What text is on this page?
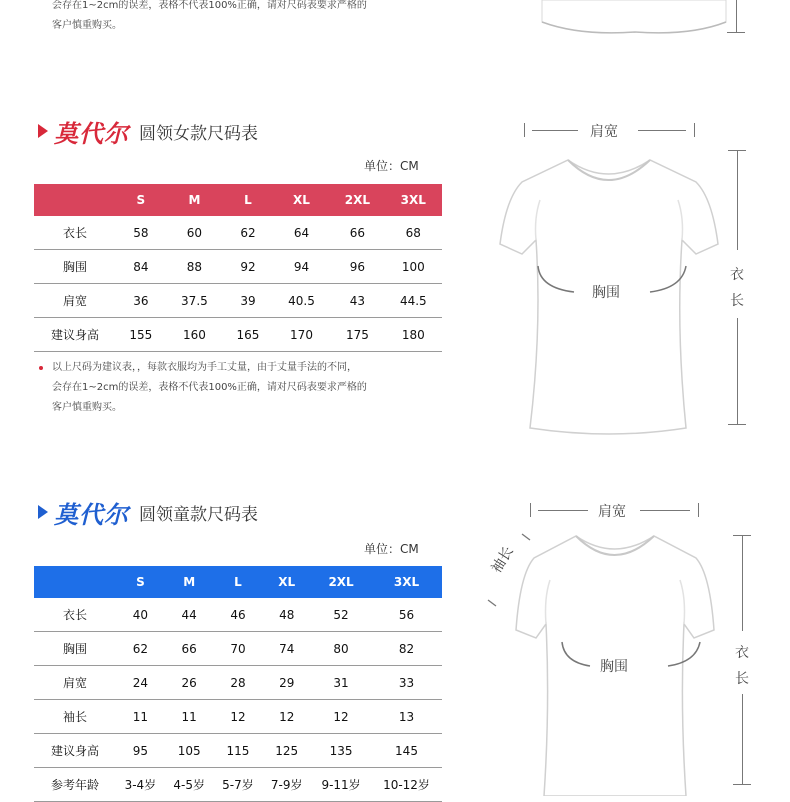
会存在1~2cm的误差，表格不代表100%正确，请对尺码表要求严格的
客户慎重购买。
莫代尔 圆领女款尺码表
单位：CM
	S	M	L	XL	2XL	3XL
衣长	58	60	62	64	66	68
胸围	84	88	92	94	96	100
肩宽	36	37.5	39	40.5	43	44.5
建议身高	155	160	165	170	175	180
以上尺码为建议表，，每款衣服均为手工丈量，由于丈量手法的不同，
会存在1~2cm的误差，表格不代表100%正确，请对尺码表要求严格的
客户慎重购买。
肩宽
胸围
衣
长
莫代尔 圆领童款尺码表
单位：CM
	S	M	L	XL	2XL	3XL
衣长	40	44	46	48	52	56
胸围	62	66	70	74	80	82
肩宽	24	26	28	29	31	33
袖长	11	11	12	12	12	13
建议身高	95	105	115	125	135	145
参考年龄	3-4岁	4-5岁	5-7岁	7-9岁	9-11岁	10-12岁
肩宽
袖长
胸围
衣
长
